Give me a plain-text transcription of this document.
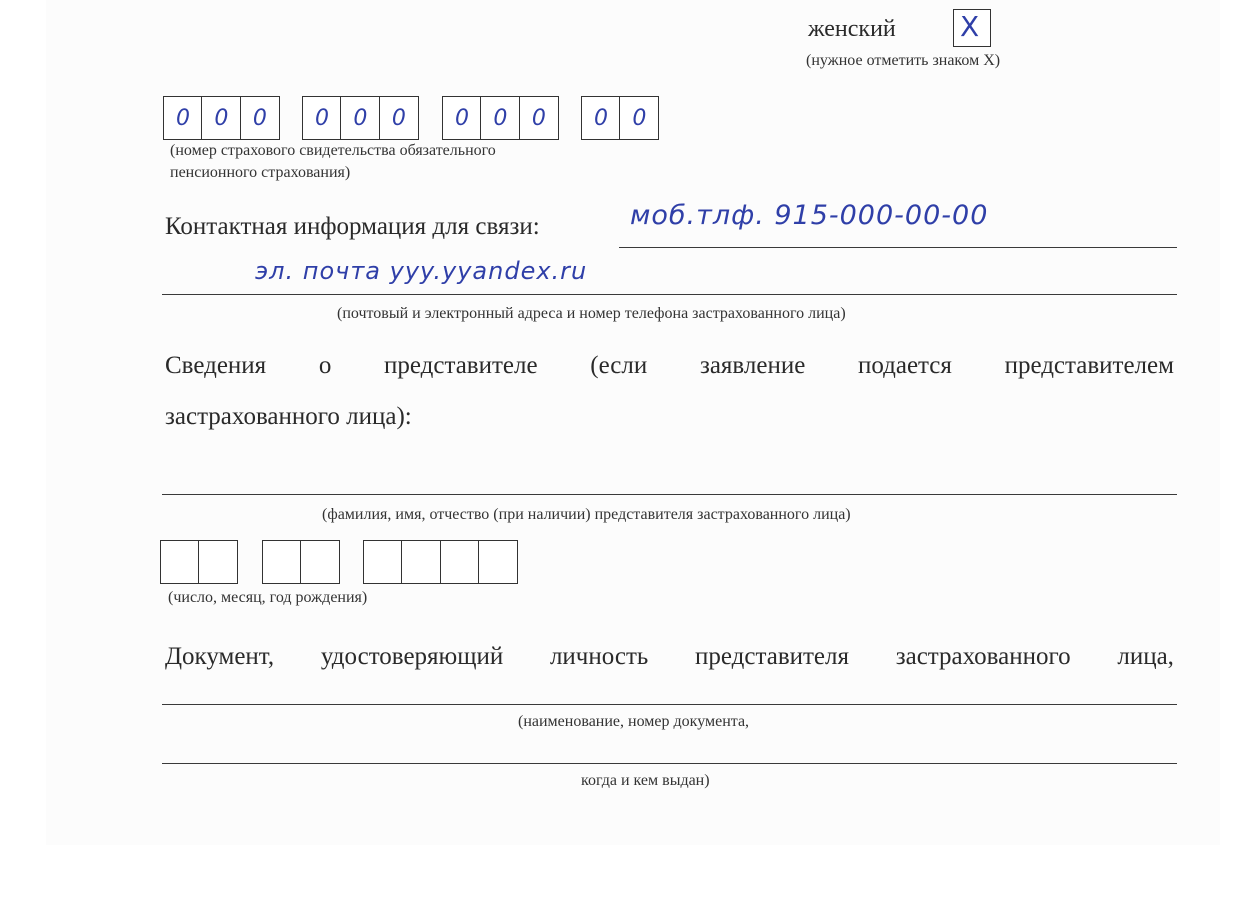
женский X
(нужное отметить знаком X)
0	0	0	0	0	0	0	0	0	0	0
(номер страхового свидетельства обязательного
пенсионного страхования)
Контактная информация для связи:	моб.тлф. 915-000-00-00
эл. почта yyy.yyandex.ru
(почтовый и электронный адреса и номер телефона застрахованного лица)
Сведения о представителе (если заявление подается представителем
застрахованного лица):
(фамилия, имя, отчество (при наличии) представителя застрахованного лица)
(число, месяц, год рождения)
Документ, удостоверяющий личность представителя застрахованного лица,
(наименование, номер документа,
когда и кем выдан)
